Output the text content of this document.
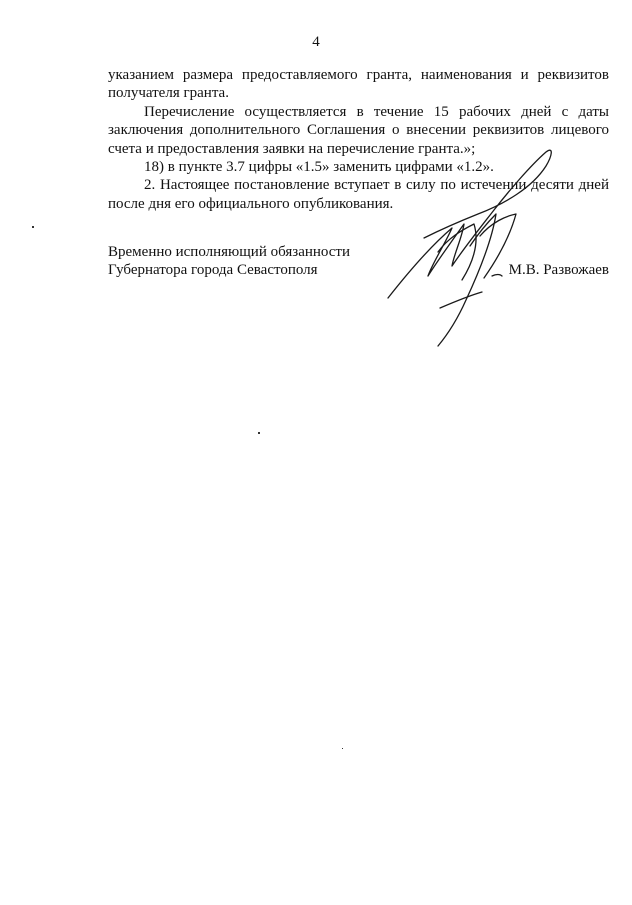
4

указанием размера предоставляемого гранта, наименования и реквизитов получателя гранта.

Перечисление осуществляется в течение 15 рабочих дней с даты заключения дополнительного Соглашения о внесении реквизитов лицевого счета и предоставления заявки на перечисление гранта.»;

18) в пункте 3.7 цифры «1.5» заменить цифрами «1.2».

2. Настоящее постановление вступает в силу по истечении десяти дней после дня его официального опубликования.

Временно исполняющий обязанности
Губернатора города Севастополя	М.В. Развожаев
